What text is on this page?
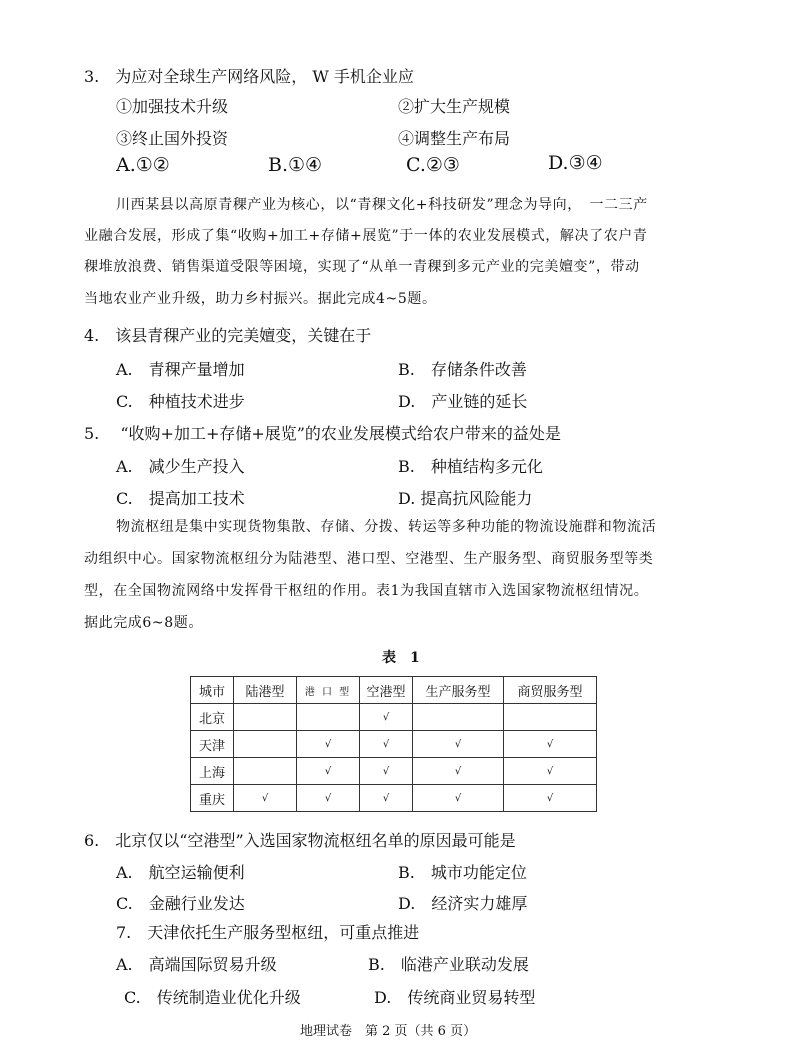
3.　为应对全球生产网络风险， W 手机企业应
①加强技术升级	②扩大生产规模
③终止国外投资	④调整生产布局
A.①②	B.①④	C.②③	D.③④
川西某县以高原青稞产业为核心，以“青稞文化+科技研发”理念为导向，　一二三产
业融合发展，形成了集“收购+加工+存储+展览”于一体的农业发展模式，解决了农户青
稞堆放浪费、销售渠道受限等困境，实现了“从单一青稞到多元产业的完美嬗变”，带动
当地农业产业升级，助力乡村振兴。据此完成4~5题。
4.　该县青稞产业的完美嬗变，关键在于
A.　青稞产量增加	B.　存储条件改善
C.　种植技术进步	D.　产业链的延长
5.　 “收购+加工+存储+展览”的农业发展模式给农户带来的益处是
A.　减少生产投入	B.　种植结构多元化
C.　提高加工技术	D. 提高抗风险能力
物流枢纽是集中实现货物集散、存储、分拨、转运等多种功能的物流设施群和物流活
动组织中心。国家物流枢纽分为陆港型、港口型、空港型、生产服务型、商贸服务型等类
型，在全国物流网络中发挥骨干枢纽的作用。表1为我国直辖市入选国家物流枢纽情况。
据此完成6~8题。
表　1
城市	陆港型	港 口 型	空港型	生产服务型	商贸服务型
北京			√		
天津		√	√	√	√
上海		√	√	√	√
重庆	√	√	√	√	√
6.　北京仅以“空港型”入选国家物流枢纽名单的原因最可能是
A.　航空运输便利	B.　城市功能定位
C.　金融行业发达	D.　经济实力雄厚
7.　天津依托生产服务型枢纽，可重点推进
A.　高端国际贸易升级	B.　临港产业联动发展
C.　传统制造业优化升级	D.　传统商业贸易转型
地理试卷　第 2 页（共 6 页）
